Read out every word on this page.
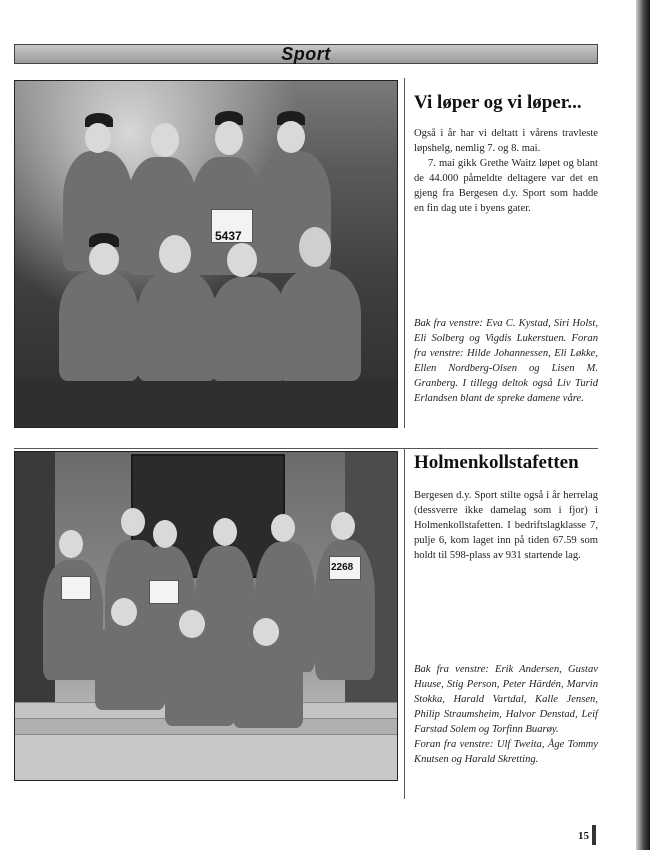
Sport
5437
Vi løper og vi løper...

Også i år har vi deltatt i vårens travleste løpshelg, nemlig 7. og 8. mai.

7. mai gikk Grethe Waitz løpet og blant de 44.000 påmeldte deltagere var det en gjeng fra Bergesen d.y. Sport som hadde en fin dag ute i byens gater.

Bak fra venstre: Eva C. Kystad, Siri Holst, Eli Solberg og Vigdis Lukerstuen. Foran fra venstre: Hilde Johannessen, Eli Løkke, Ellen Nordberg-Olsen og Lisen M. Granberg. I tillegg deltok også Liv Turid Erlandsen blant de spreke damene våre.

2268
Holmenkollstafetten

Bergesen d.y. Sport stilte også i år herrelag (dessverre ikke damelag som i fjor) i Holmenkollstafetten. I bedriftslagklasse 7, pulje 6, kom laget inn på tiden 67.59 som holdt til 598-plass av 931 startende lag.

Bak fra venstre: Erik Andersen, Gustav Huuse, Stig Person, Peter Härdén, Marvin Stokka, Harald Vartdal, Kalle Jensen, Philip Straumsheim, Halvor Denstad, Leif Farstad Solem og Torfinn Buarøy.

Foran fra venstre: Ulf Tweita, Åge Tommy Knutsen og Harald Skretting.

15
